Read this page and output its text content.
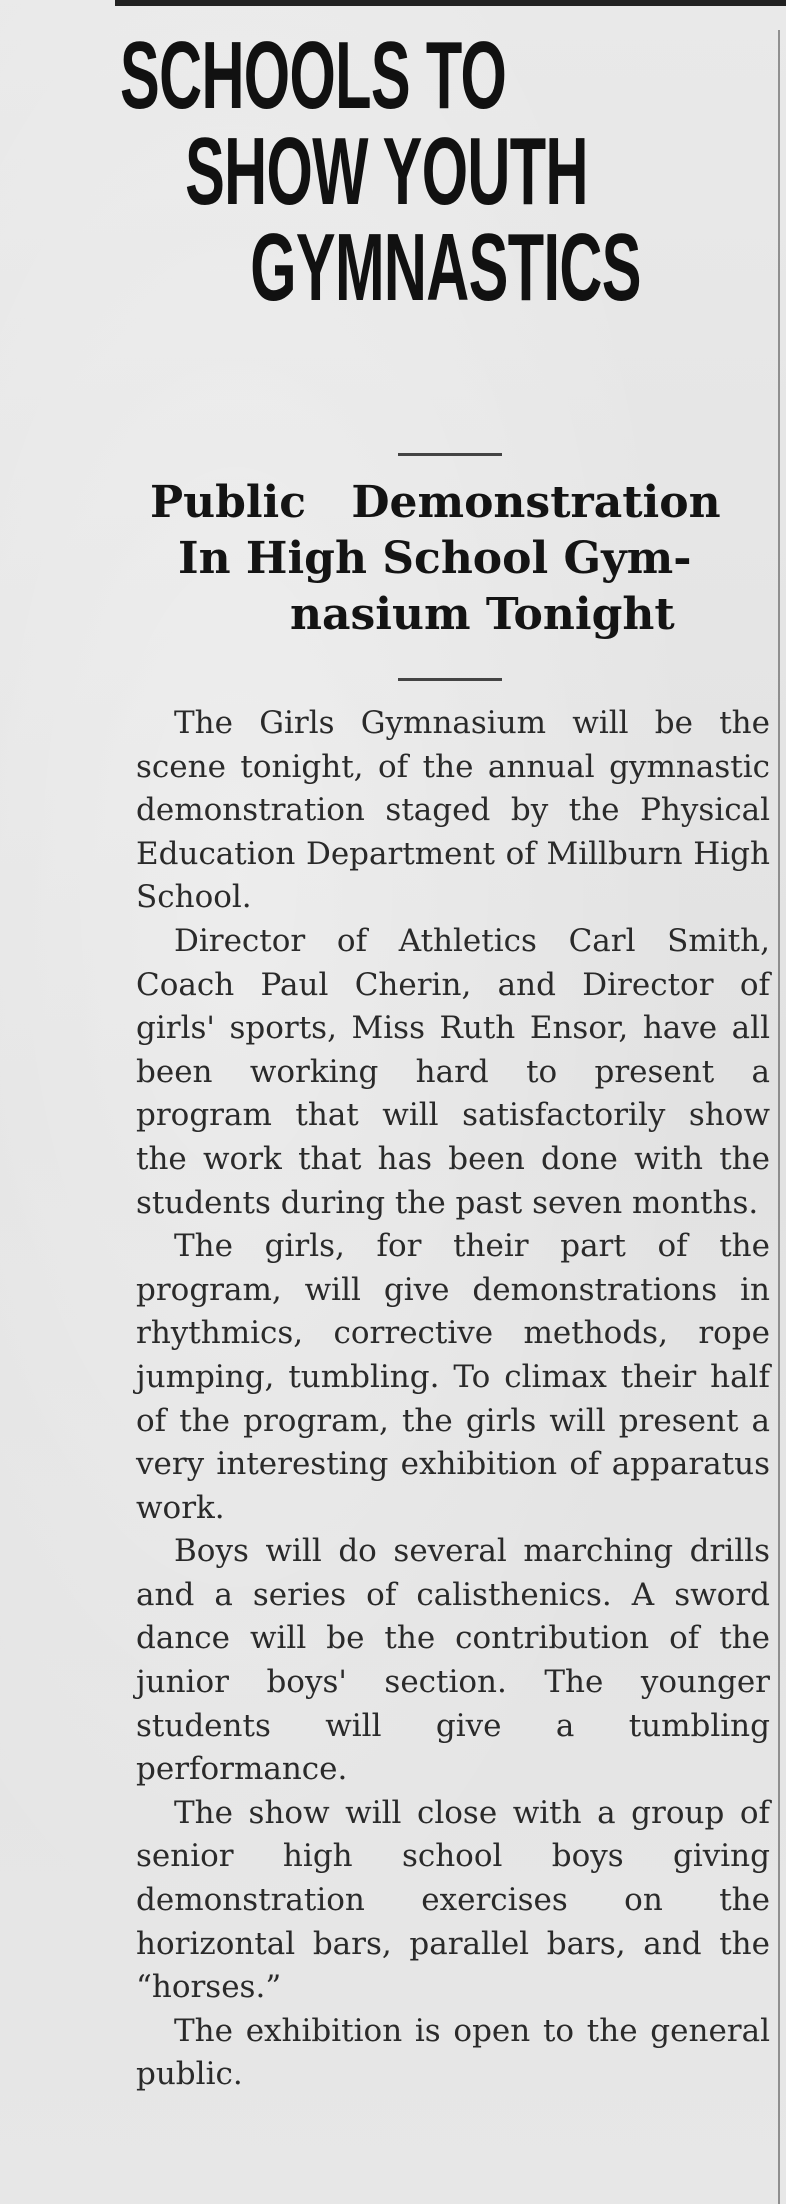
SCHOOLS TO
SHOW YOUTH
GYMNASTICS
Public Demonstration
In High School Gym-
nasium Tonight

The Girls Gymnasium will be the scene tonight, of the annual gymnastic demonstration staged by the Physical Education Department of Millburn High School.

Director of Athletics Carl Smith, Coach Paul Cherin, and Director of girls' sports, Miss Ruth Ensor, have all been working hard to present a program that will satisfactorily show the work that has been done with the students during the past seven months.

The girls, for their part of the program, will give demonstrations in rhythmics, corrective methods, rope jumping, tumbling. To climax their half of the program, the girls will present a very interesting exhibition of apparatus work.

Boys will do several marching drills and a series of calisthenics. A sword dance will be the contribution of the junior boys' section. The younger students will give a tumbling performance.

The show will close with a group of senior high school boys giving demonstration exercises on the horizontal bars, parallel bars, and the “horses.”

The exhibition is open to the general public.
